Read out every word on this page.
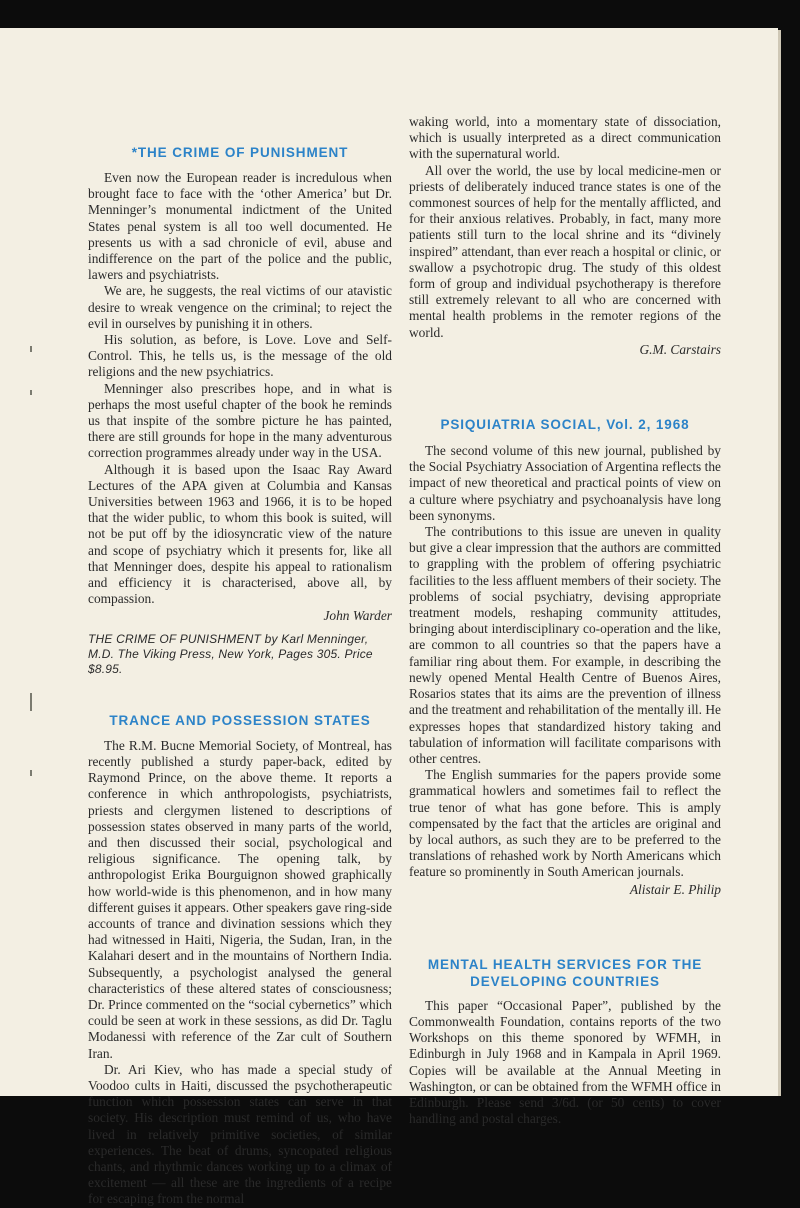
*THE CRIME OF PUNISHMENT

Even now the European reader is incredulous when brought face to face with the ‘other America’ but Dr. Menninger’s monumental indictment of the United States penal system is all too well documented. He presents us with a sad chronicle of evil, abuse and indifference on the part of the police and the public, lawers and psychiatrists.

We are, he suggests, the real victims of our atavistic desire to wreak vengence on the criminal; to reject the evil in ourselves by punishing it in others.

His solution, as before, is Love. Love and Self-Control. This, he tells us, is the message of the old religions and the new psychiatrics.

Menninger also prescribes hope, and in what is perhaps the most useful chapter of the book he reminds us that inspite of the sombre picture he has painted, there are still grounds for hope in the many adventurous correction programmes already under way in the USA.

Although it is based upon the Isaac Ray Award Lectures of the APA given at Columbia and Kansas Universities between 1963 and 1966, it is to be hoped that the wider public, to whom this book is suited, will not be put off by the idiosyncratic view of the nature and scope of psychiatry which it presents for, like all that Menninger does, despite his appeal to rationalism and efficiency it is characterised, above all, by compassion.

John Warder

THE CRIME OF PUNISHMENT by Karl Menninger, M.D. The Viking Press, New York, Pages 305. Price $8.95.
TRANCE AND POSSESSION STATES

The R.M. Bucne Memorial Society, of Montreal, has recently published a sturdy paper-back, edited by Raymond Prince, on the above theme. It reports a conference in which anthropologists, psychiatrists, priests and clergymen listened to descriptions of possession states observed in many parts of the world, and then discussed their social, psychological and religious significance. The opening talk, by anthropologist Erika Bourguignon showed graphically how world-wide is this phenomenon, and in how many different guises it appears. Other speakers gave ring-side accounts of trance and divination sessions which they had witnessed in Haiti, Nigeria, the Sudan, Iran, in the Kalahari desert and in the mountains of Northern India. Subsequently, a psychologist analysed the general characteristics of these altered states of consciousness; Dr. Prince commented on the “social cybernetics” which could be seen at work in these sessions, as did Dr. Taglu Modanessi with reference of the Zar cult of Southern Iran.

Dr. Ari Kiev, who has made a special study of Voodoo cults in Haiti, discussed the psychotherapeutic function which possession states can serve in that society. His description must remind of us, who have lived in relatively primitive societies, of similar experiences. The beat of drums, syncopated religious chants, and rhythmic dances working up to a climax of excitement — all these are the ingredients of a recipe for escaping from the normal

waking world, into a momentary state of dissociation, which is usually interpreted as a direct communication with the supernatural world.

All over the world, the use by local medicine-men or priests of deliberately induced trance states is one of the commonest sources of help for the mentally afflicted, and for their anxious relatives. Probably, in fact, many more patients still turn to the local shrine and its “divinely inspired” attendant, than ever reach a hospital or clinic, or swallow a psychotropic drug. The study of this oldest form of group and individual psychotherapy is therefore still extremely relevant to all who are concerned with mental health problems in the remoter regions of the world.

G.M. Carstairs

PSIQUIATRIA SOCIAL, Vol. 2, 1968

The second volume of this new journal, published by the Social Psychiatry Association of Argentina reflects the impact of new theoretical and practical points of view on a culture where psychiatry and psychoanalysis have long been synonyms.

The contributions to this issue are uneven in quality but give a clear impression that the authors are committed to grappling with the problem of offering psychiatric facilities to the less affluent members of their society. The problems of social psychiatry, devising appropriate treatment models, reshaping community attitudes, bringing about interdisciplinary co-operation and the like, are common to all countries so that the papers have a familiar ring about them. For example, in describing the newly opened Mental Health Centre of Buenos Aires, Rosarios states that its aims are the prevention of illness and the treatment and rehabilitation of the mentally ill. He expresses hopes that standardized history taking and tabulation of information will facilitate comparisons with other centres.

The English summaries for the papers provide some grammatical howlers and sometimes fail to reflect the true tenor of what has gone before. This is amply compensated by the fact that the articles are original and by local authors, as such they are to be preferred to the translations of rehashed work by North Americans which feature so prominently in South American journals.

Alistair E. Philip

MENTAL HEALTH SERVICES FOR THE
DEVELOPING COUNTRIES

This paper “Occasional Paper”, published by the Commonwealth Foundation, contains reports of the two Workshops on this theme sponored by WFMH, in Edinburgh in July 1968 and in Kampala in April 1969. Copies will be available at the Annual Meeting in Washington, or can be obtained from the WFMH office in Edinburgh. Please send 3/6d. (or 50 cents) to cover handling and postal charges.
